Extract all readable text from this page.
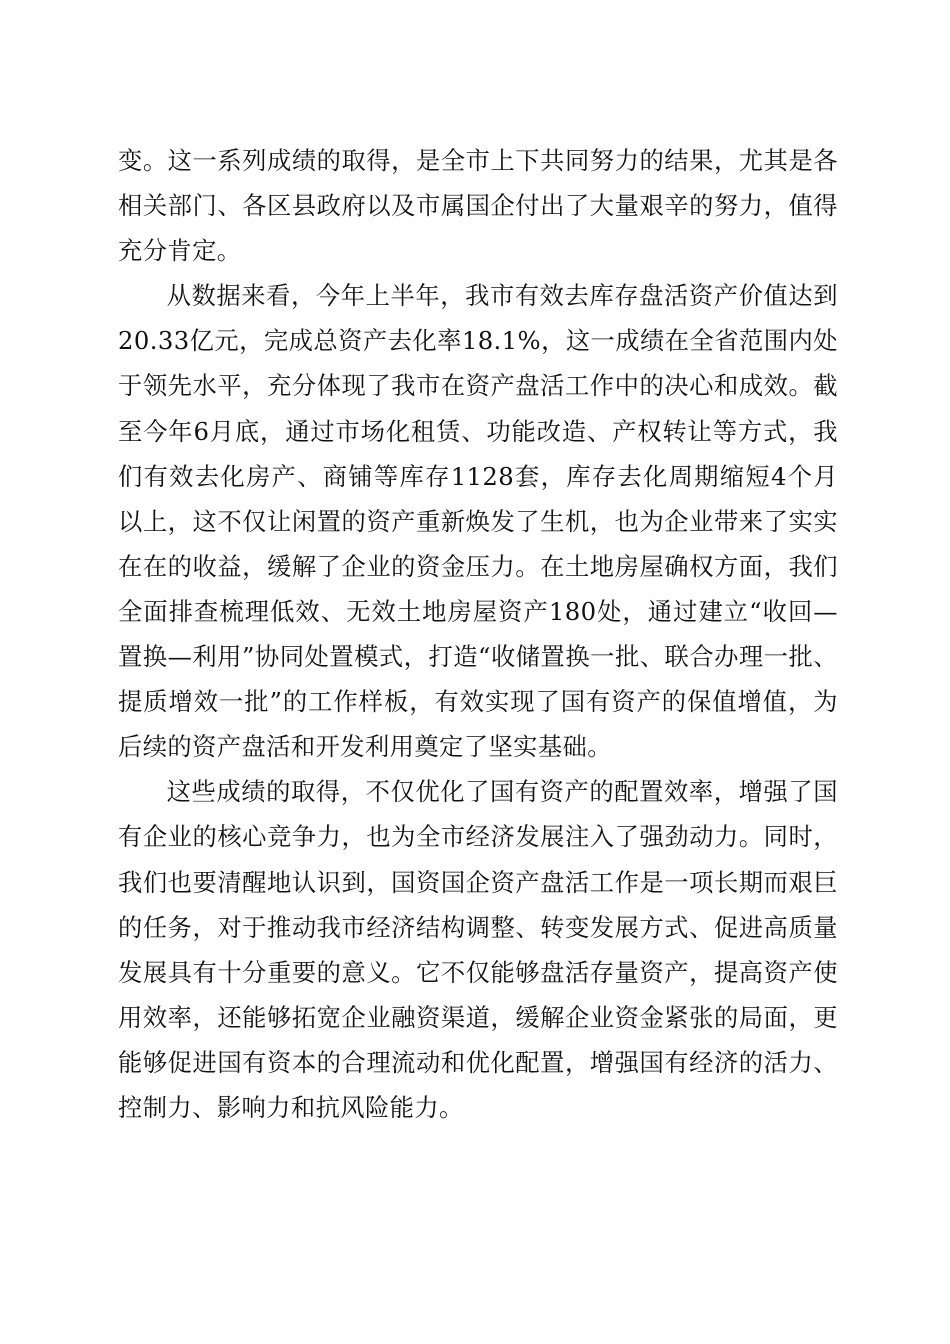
变。这一系列成绩的取得，是全市上下共同努力的结果，尤其是各相关部门、各区县政府以及市属国企付出了大量艰辛的努力，值得充分肯定。

从数据来看，今年上半年，我市有效去库存盘活资产价值达到20.33亿元，完成总资产去化率18.1%，这一成绩在全省范围内处于领先水平，充分体现了我市在资产盘活工作中的决心和成效。截至今年6月底，通过市场化租赁、功能改造、产权转让等方式，我们有效去化房产、商铺等库存1128套，库存去化周期缩短4个月以上，这不仅让闲置的资产重新焕发了生机，也为企业带来了实实在在的收益，缓解了企业的资金压力。在土地房屋确权方面，我们全面排查梳理低效、无效土地房屋资产180处，通过建立“收回—置换—利用”协同处置模式，打造“收储置换一批、联合办理一批、提质增效一批”的工作样板，有效实现了国有资产的保值增值，为后续的资产盘活和开发利用奠定了坚实基础。

这些成绩的取得，不仅优化了国有资产的配置效率，增强了国有企业的核心竞争力，也为全市经济发展注入了强劲动力。同时，我们也要清醒地认识到，国资国企资产盘活工作是一项长期而艰巨的任务，对于推动我市经济结构调整、转变发展方式、促进高质量发展具有十分重要的意义。它不仅能够盘活存量资产，提高资产使用效率，还能够拓宽企业融资渠道，缓解企业资金紧张的局面，更能够促进国有资本的合理流动和优化配置，增强国有经济的活力、控制力、影响力和抗风险能力。
